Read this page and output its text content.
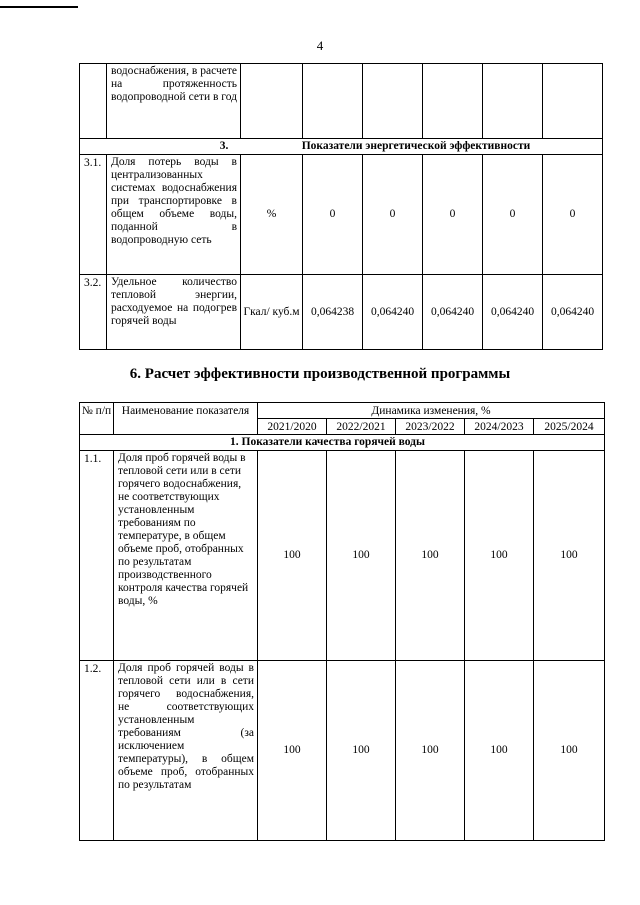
4
	водоснабжения, в расчете на протяженность водопроводной сети в год						
3. Показатели энергетической эффективности							
3.1.	Доля потерь воды в централизованных системах водоснабжения при транспортировке в общем объеме воды, поданной в водопроводную сеть	%	0	0	0	0	0
3.2.	Удельное количество тепловой энергии, расходуемое на подогрев горячей воды	Гкал/ куб.м	0,064238	0,064240	0,064240	0,064240	0,064240
6. Расчет эффективности производственной программы
№ п/п	Наименование показателя	Динамика изменения, %				
		2021/2020	2022/2021	2023/2022	2024/2023	2025/2024
1. Показатели качества горячей воды						
1.1.	Доля проб горячей воды в тепловой сети или в сети горячего водоснабжения, не соответствующих установленным требованиям по температуре, в общем объеме проб, отобранных по результатам производственного контроля качества горячей воды, %	100	100	100	100	100
1.2.	Доля проб горячей воды в тепловой сети или в сети горячего водоснабжения, не соответствующих установленным требованиям (за исключением температуры), в общем объеме проб, отобранных по результатам	100	100	100	100	100
